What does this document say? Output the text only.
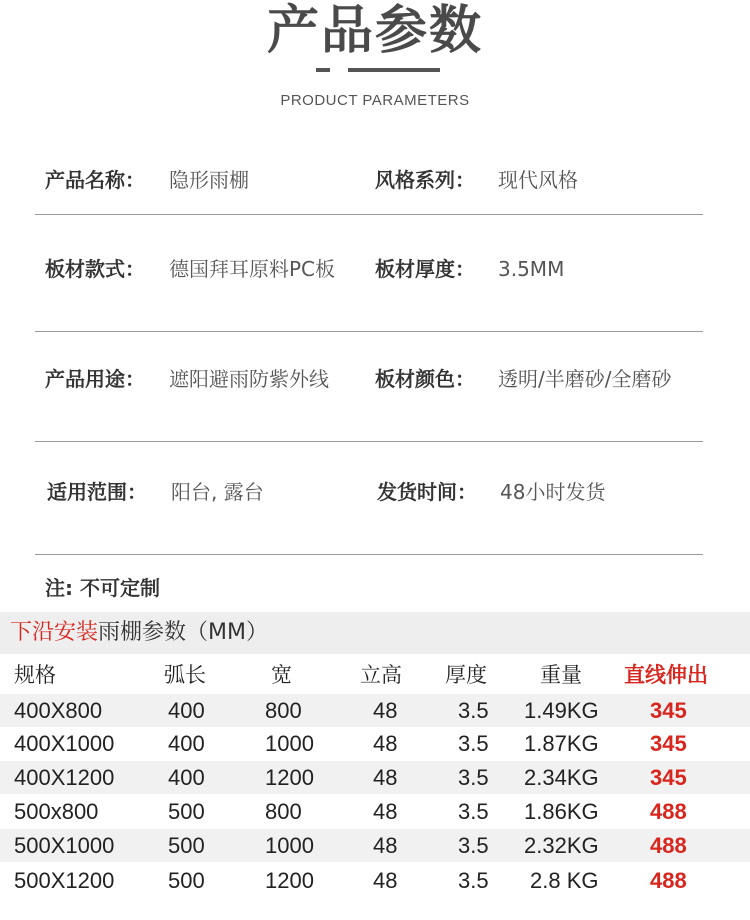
产品参数
PRODUCT PARAMETERS
产品名称： 隐形雨棚	风格系列： 现代风格
板材款式： 德国拜耳原料PC板 板材厚度： 3.5MM
产品用途： 遮阳避雨防紫外线 板材颜色： 透明/半磨砂/全磨砂
适用范围： 阳台, 露台	发货时间： 48小时发货
注: 不可定制
下沿安装雨棚参数（MM）
规格	弧长	宽	立高 厚度	重量 直线伸出
400X800	400	800	48	3.5 1.49KG 345
400X1000 400	1000	48	3.5 1.87KG 345
400X1200 400	1200	48	3.5 2.34KG 345
500x800	500	800	48	3.5 1.86KG 488
500X1000 500	1000	48	3.5 2.32KG 488
500X1200 500	1200	48	3.5 2.8 KG 488
